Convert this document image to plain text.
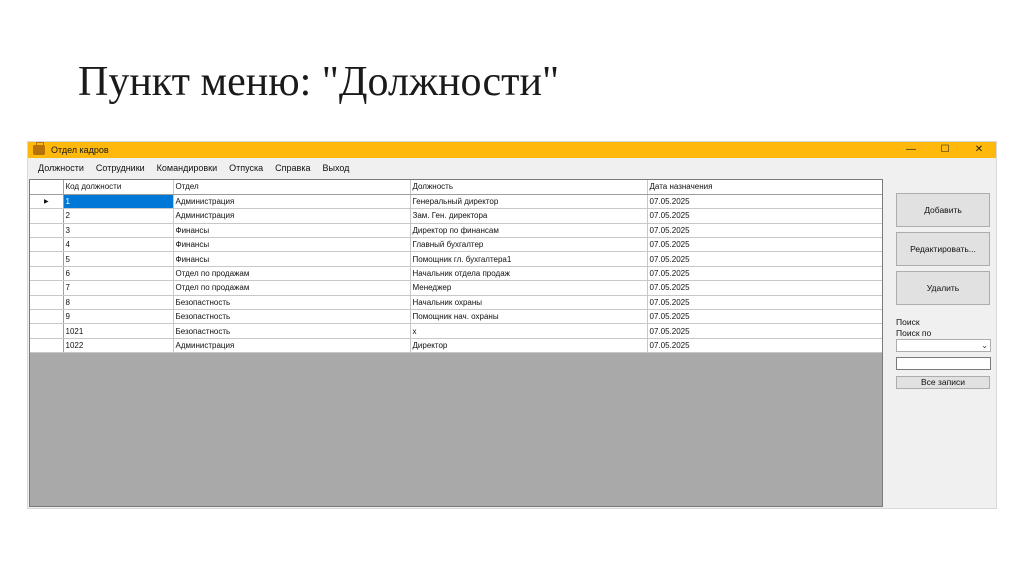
Пункт меню: "Должности"
Отдел кадров	—	☐	✕
Должности	Сотрудники	Командировки	Отпуска	Справка	Выход
	Код должности	Отдел	Должность	Дата назначения
▶	1	Администрация	Генеральный директор	07.05.2025
	2	Администрация	Зам. Ген. директора	07.05.2025
	3	Финансы	Директор по финансам	07.05.2025
	4	Финансы	Главный бухгалтер	07.05.2025
	5	Финансы	Помощник гл. бухгалтера1	07.05.2025
	6	Отдел по продажам	Начальник отдела продаж	07.05.2025
	7	Отдел по продажам	Менеджер	07.05.2025
	8	Безопастность	Начальник охраны	07.05.2025
	9	Безопастность	Помощник нач. охраны	07.05.2025
	1021	Безопастность	х	07.05.2025
	1022	Администрация	Директор	07.05.2025
Добавить
Редактировать...
Удалить
Поиск
Поиск по
⌄
Все записи
